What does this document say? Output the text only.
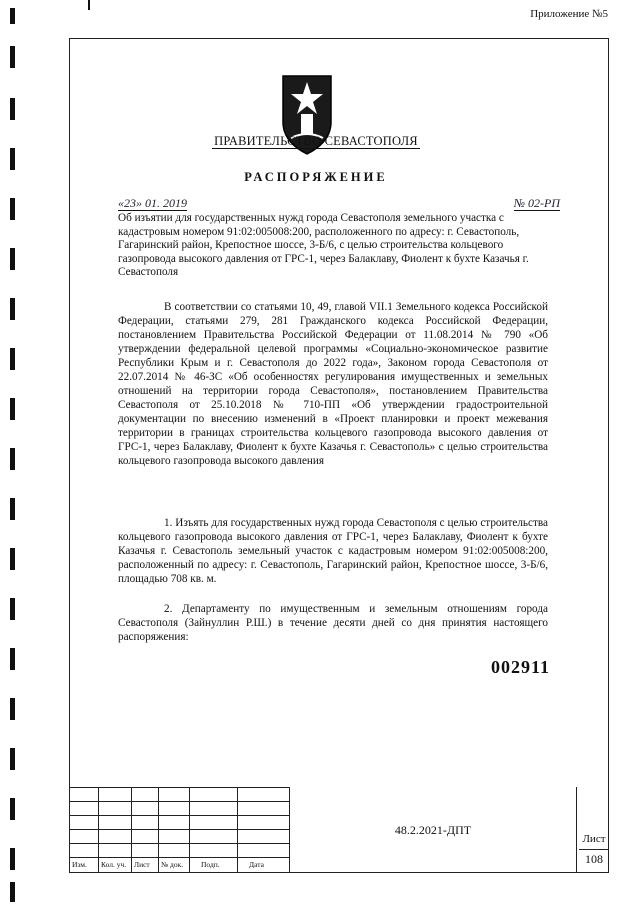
Приложение №5
ПРАВИТЕЛЬСТВО СЕВАСТОПОЛЯ
РАСПОРЯЖЕНИЕ
«23» 01. 2019	№ 02-РП
Об изъятии для государственных нужд города Севастополя земельного участка с кадастровым номером 91:02:005008:200, расположенного по адресу: г. Севастополь, Гагаринский район, Крепостное шоссе, 3-Б/6, с целью строительства кольцевого газопровода высокого давления от ГРС-1, через Балаклаву, Фиолент к бухте Казачья г. Севастополя
В соответствии со статьями 10, 49, главой VII.1 Земельного кодекса Российской Федерации, статьями 279, 281 Гражданского кодекса Российской Федерации, постановлением Правительства Российской Федерации от 11.08.2014 № 790 «Об утверждении федеральной целевой программы «Социально-экономическое развитие Республики Крым и г. Севастополя до 2022 года», Законом города Севастополя от 22.07.2014 № 46-ЗС «Об особенностях регулирования имущественных и земельных отношений на территории города Севастополя», постановлением Правительства Севастополя от 25.10.2018 № 710-ПП «Об утверждении градостроительной документации по внесению изменений в «Проект планировки и проект межевания территории в границах строительства кольцевого газопровода высокого давления от ГРС-1, через Балаклаву, Фиолент к бухте Казачья г. Севастополь» с целью строительства кольцевого газопровода высокого давления
1. Изъять для государственных нужд города Севастополя с целью строительства кольцевого газопровода высокого давления от ГРС-1, через Балаклаву, Фиолент к бухте Казачья г. Севастополь земельный участок с кадастровым номером 91:02:005008:200, расположенный по адресу: г. Севастополь, Гагаринский район, Крепостное шоссе, 3-Б/6, площадью 708 кв. м.
2. Департаменту по имущественным и земельным отношениям города Севастополя (Зайнуллин Р.Ш.) в течение десяти дней со дня принятия настоящего распоряжения:
002911
Изм. Кол. уч. Лист № док. Подп.	Дата
48.2.2021-ДПТ
Лист
108
